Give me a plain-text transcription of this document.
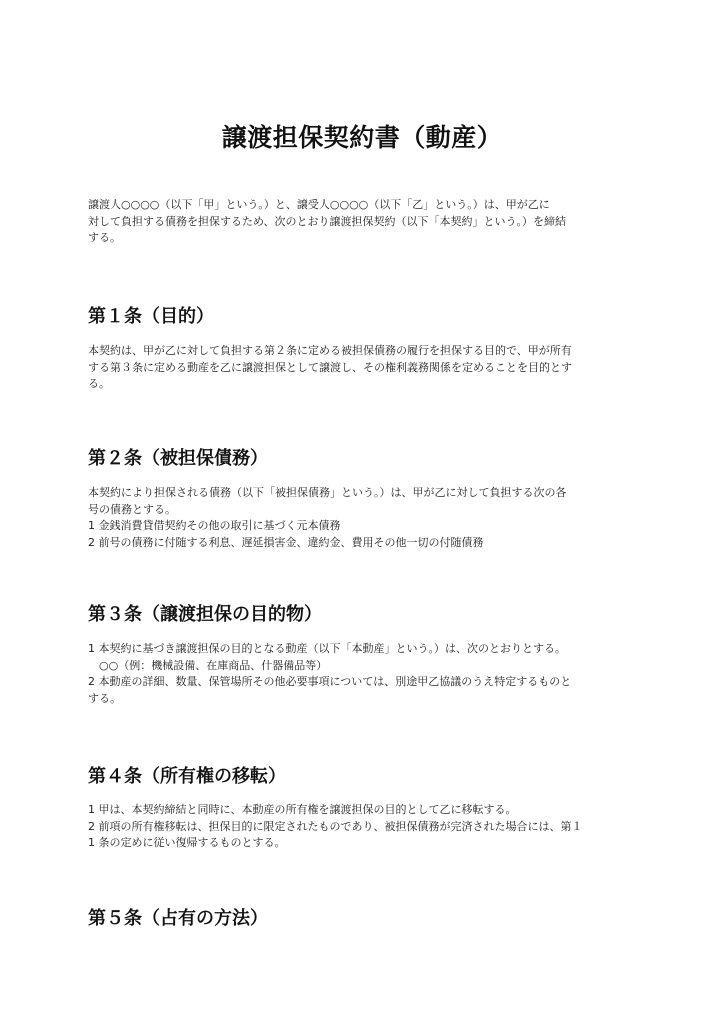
譲渡担保契約書（動産）
譲渡人○○○○（以下「甲」という。）と、譲受人○○○○（以下「乙」という。）は、甲が乙に
対して負担する債務を担保するため、次のとおり譲渡担保契約（以下「本契約」という。）を締結
する。
第１条（目的）
本契約は、甲が乙に対して負担する第２条に定める被担保債務の履行を担保する目的で、甲が所有
する第３条に定める動産を乙に譲渡担保として譲渡し、その権利義務関係を定めることを目的とす
る。
第２条（被担保債務）
本契約により担保される債務（以下「被担保債務」という。）は、甲が乙に対して負担する次の各
号の債務とする。
1 金銭消費貸借契約その他の取引に基づく元本債務
2 前号の債務に付随する利息、遅延損害金、違約金、費用その他一切の付随債務
第３条（譲渡担保の目的物）
1 本契約に基づき譲渡担保の目的となる動産（以下「本動産」という。）は、次のとおりとする。
　○○（例：機械設備、在庫商品、什器備品等）
2 本動産の詳細、数量、保管場所その他必要事項については、別途甲乙協議のうえ特定するものと
する。
第４条（所有権の移転）
1 甲は、本契約締結と同時に、本動産の所有権を譲渡担保の目的として乙に移転する。
2 前項の所有権移転は、担保目的に限定されたものであり、被担保債務が完済された場合には、第１
1 条の定めに従い復帰するものとする。
第５条（占有の方法）
